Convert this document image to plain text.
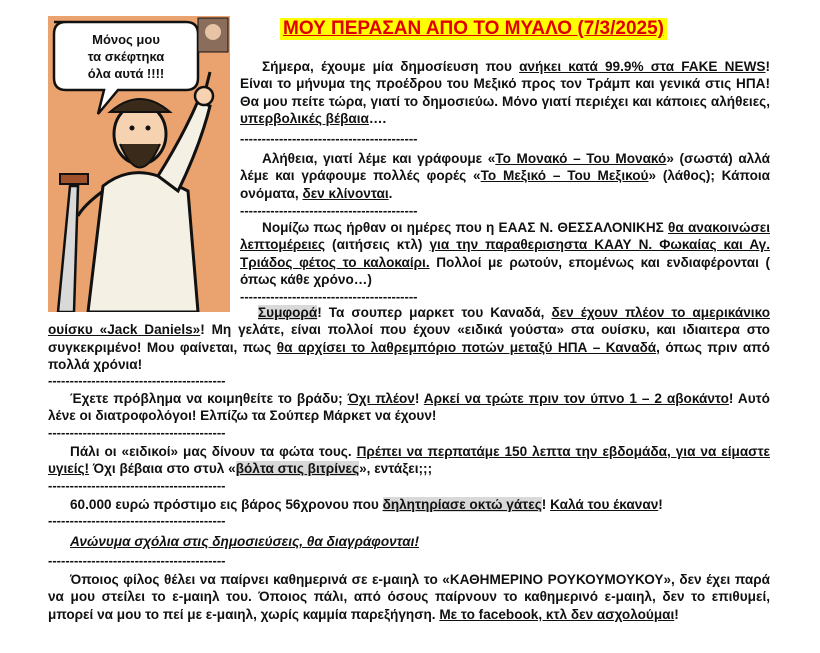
Μόνος μου
τα σκέφτηκα
όλα αυτά !!!!
ΜΟΥ ΠΕΡΑΣΑΝ ΑΠΟ ΤΟ ΜΥΑΛΟ (7/3/2025)

Σήμερα, έχουμε μία δημοσίευση που ανήκει κατά 99.9% στα FAKE NEWS! Είναι το μήνυμα της προέδρου του Μεξικό προς τον Τράμπ και γενικά στις ΗΠΑ! Θα μου πείτε τώρα, γιατί το δημοσιεύω. Μόνο γιατί περιέχει και κάποιες αλήθειες, υπερβολικές βέβαια….

-----------------------------------------

Αλήθεια, γιατί λέμε και γράφουμε «Το Μονακό – Του Μονακό» (σωστά) αλλά λέμε και γράφουμε πολλές φορές «Το Μεξικό – Του Μεξικού» (λάθος); Κάποια ονόματα, δεν κλίνονται.

-----------------------------------------

Νομίζω πως ήρθαν οι ημέρες που η ΕΑΑΣ Ν. ΘΕΣΣΑΛΟΝΙΚΗΣ θα ανακοινώσει λεπτομέρειες (αιτήσεις κτλ) για την παραθερισηστα ΚΑΑΥ Ν. Φωκαίας και Αγ. Τριάδος φέτος το καλοκαίρι. Πολλοί με ρωτούν, επομένως και ενδιαφέρονται ( όπως κάθε χρόνο…)

-----------------------------------------

Συμφορά! Τα σουπερ μαρκετ του Καναδά, δεν έχουν πλέον το αμερικάνικο ουίσκυ «Jack Daniels»! Μη γελάτε, είναι πολλοί που έχουν «ειδικά γούστα» στα ουίσκυ, και ιδιαιτερα στο συγκεκριμένο! Μου φαίνεται, πως θα αρχίσει το λαθρεμπόριο ποτών μεταξύ ΗΠΑ – Καναδά, όπως πριν από πολλά χρόνια!

-----------------------------------------

Έχετε πρόβλημα να κοιμηθείτε το βράδυ; Όχι πλέον! Αρκεί να τρώτε πριν τον ύπνο 1 – 2 αβοκάντο! Αυτό λένε οι διατροφολόγοι! Ελπίζω τα Σούπερ Μάρκετ να έχουν!

-----------------------------------------

Πάλι οι «ειδικοί» μας δίνουν τα φώτα τους. Πρέπει να περπατάμε 150 λεπτα την εβδομάδα, για να είμαστε υγιείς! Όχι βέβαια στο στυλ «βόλτα στις βιτρίνες», εντάξει;;;

-----------------------------------------

60.000 ευρώ πρόστιμο εις βάρος 56χρονου που δηλητηρίασε οκτώ γάτες! Καλά του έκαναν!

-----------------------------------------

Ανώνυμα σχόλια στις δημοσιεύσεις, θα διαγράφονται!

-----------------------------------------

Όποιος φίλος θέλει να παίρνει καθημερινά σε ε-μαιηλ το «ΚΑΘΗΜΕΡΙΝΟ ΡΟΥΚΟΥΜΟΥΚΟΥ», δεν έχει παρά να μου στείλει το ε-μαιηλ του. Όποιος πάλι, από όσους παίρνουν το καθημερινό ε-μαιηλ, δεν το επιθυμεί, μπορεί να μου το πεί με ε-μαιηλ, χωρίς καμμία παρεξήγηση. Με το facebook, κτλ δεν ασχολούμαι!
